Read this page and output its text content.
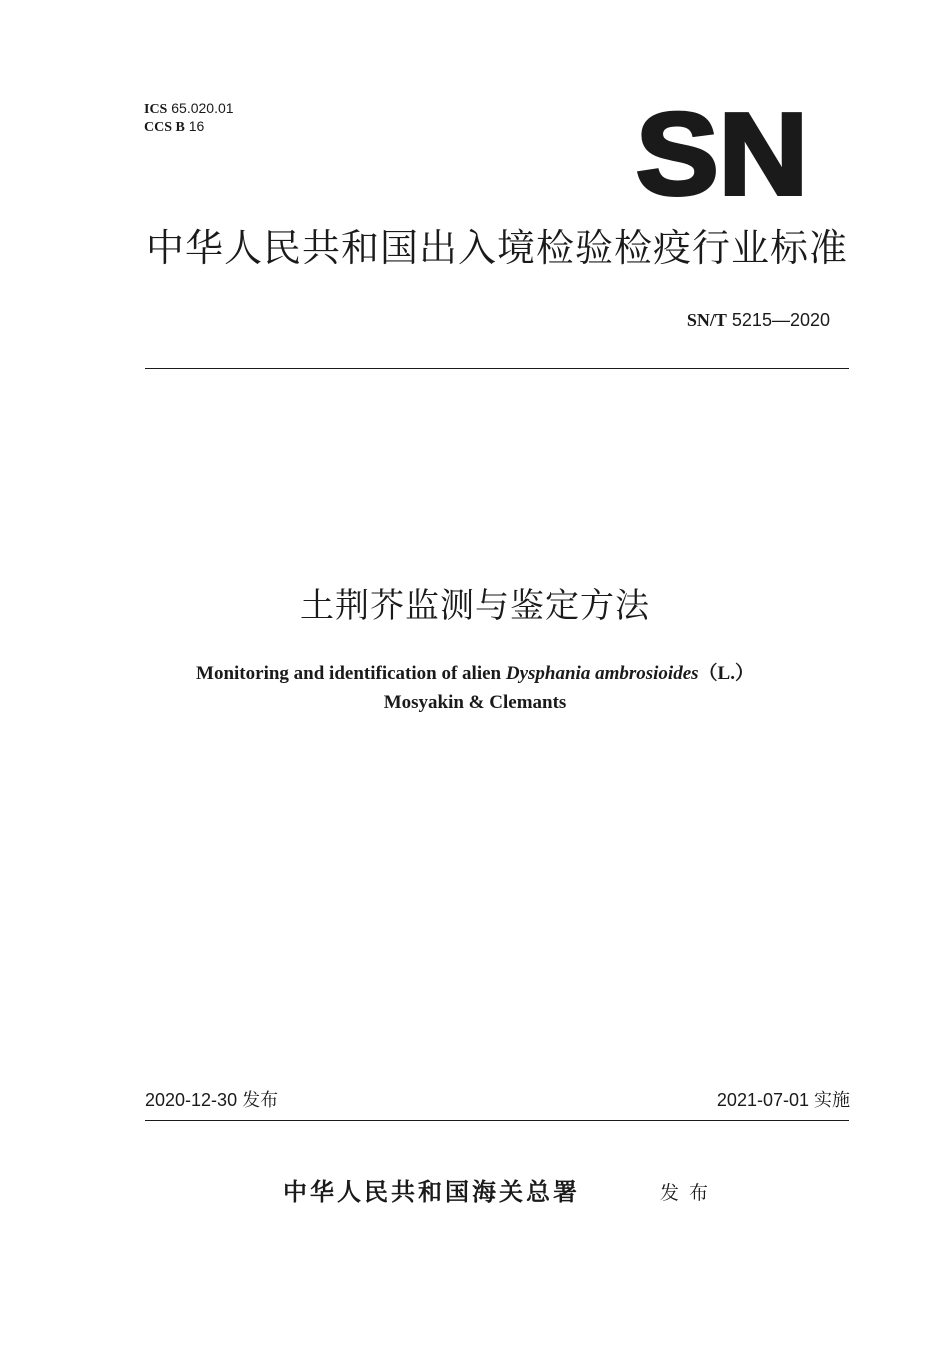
ICS 65.020.01
CCS B 16	SN
中华人民共和国出入境检验检疫行业标准
SN/T 5215—2020
土荆芥监测与鉴定方法
Monitoring and identification of alien Dysphania ambrosioides（L.）
Mosyakin & Clemants
2020-12-30 发布	2021-07-01 实施
中华人民共和国海关总署	发布
